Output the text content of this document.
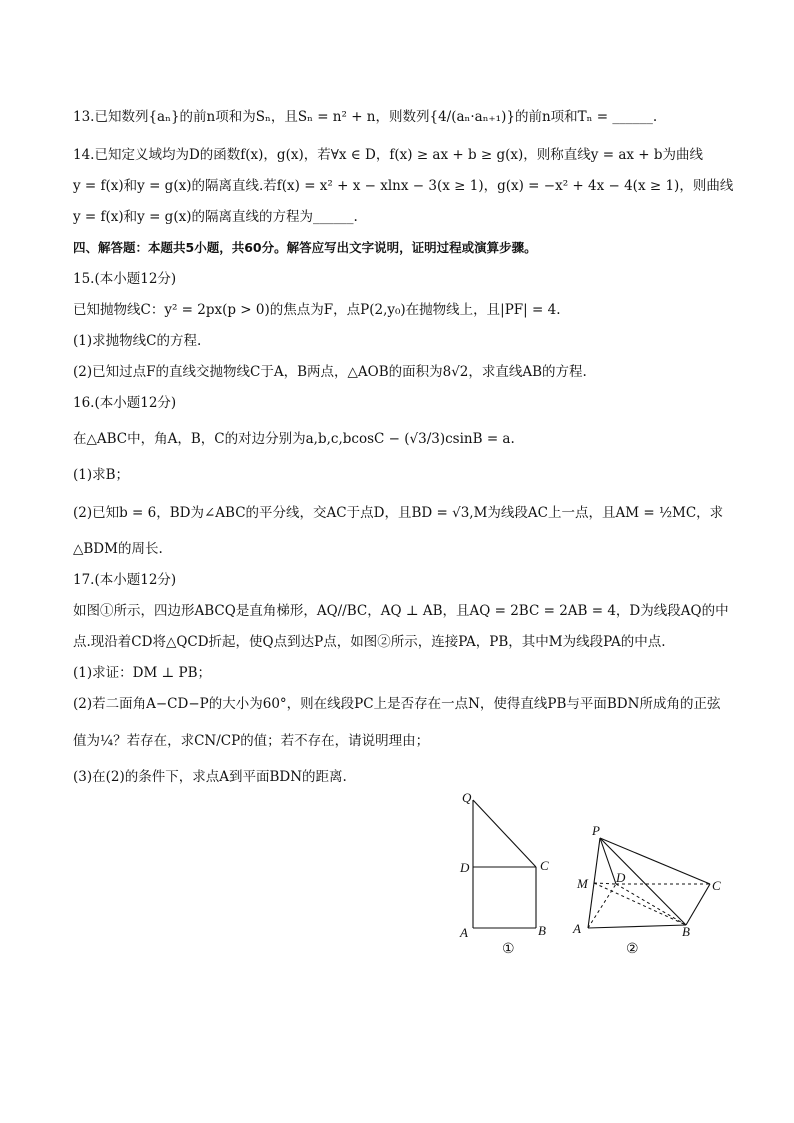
13.已知数列{aₙ}的前n项和为Sₙ，且Sₙ = n² + n，则数列{4/(aₙ·aₙ₊₁)}的前n项和Tₙ = ______.
14.已知定义域均为D的函数f(x)，g(x)，若∀x ∈ D，f(x) ≥ ax + b ≥ g(x)，则称直线y = ax + b为曲线
y = f(x)和y = g(x)的隔离直线.若f(x) = x² + x − xlnx − 3(x ≥ 1)，g(x) = −x² + 4x − 4(x ≥ 1)，则曲线
y = f(x)和y = g(x)的隔离直线的方程为______.
四、解答题：本题共5小题，共60分。解答应写出文字说明，证明过程或演算步骤。
15.(本小题12分)
已知抛物线C：y² = 2px(p > 0)的焦点为F，点P(2,y₀)在抛物线上，且|PF| = 4.
(1)求抛物线C的方程.
(2)已知过点F的直线交抛物线C于A，B两点，△AOB的面积为8√2，求直线AB的方程.
16.(本小题12分)
在△ABC中，角A，B，C的对边分别为a,b,c,bcosC − (√3/3)csinB = a.
(1)求B；
(2)已知b = 6，BD为∠ABC的平分线，交AC于点D，且BD = √3,M为线段AC上一点，且AM = ½MC，求
△BDM的周长.
17.(本小题12分)
如图①所示，四边形ABCQ是直角梯形，AQ//BC，AQ ⊥ AB，且AQ = 2BC = 2AB = 4，D为线段AQ的中
点.现沿着CD将△QCD折起，使Q点到达P点，如图②所示，连接PA，PB，其中M为线段PA的中点.
(1)求证：DM ⊥ PB；
(2)若二面角A−CD−P的大小为60°，则在线段PC上是否存在一点N，使得直线PB与平面BDN所成角的正弦
值为¼？若存在，求CN/CP的值；若不存在，请说明理由；
(3)在(2)的条件下，求点A到平面BDN的距离.
Q
D	C
A	B
①
P
M D
C
A	B
②
